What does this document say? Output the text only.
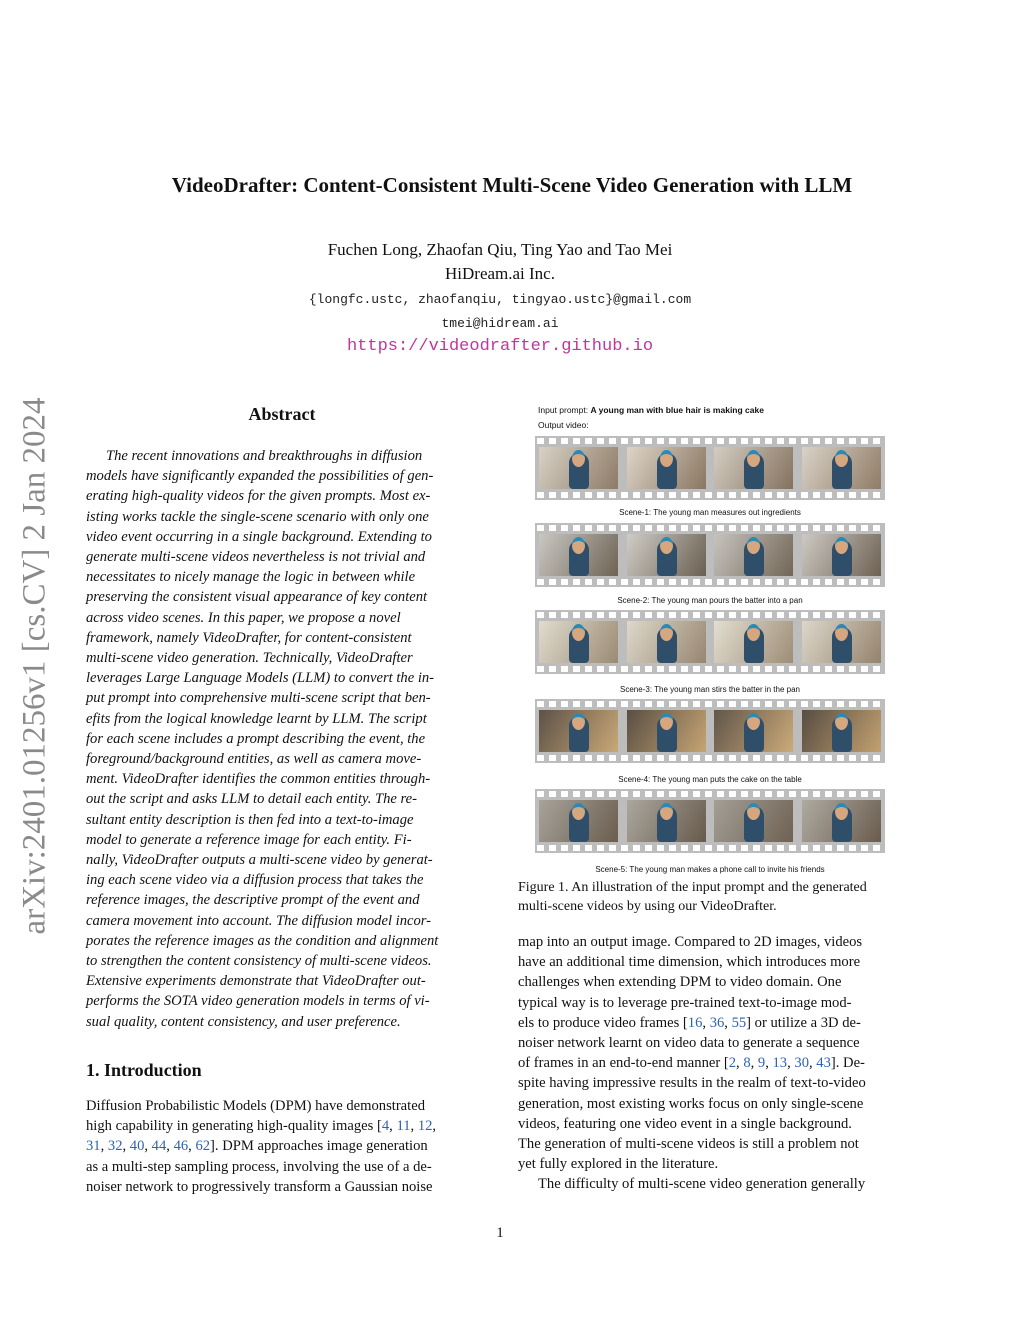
VideoDrafter: Content-Consistent Multi-Scene Video Generation with LLM
Fuchen Long, Zhaofan Qiu, Ting Yao and Tao Mei
HiDream.ai Inc.
{longfc.ustc, zhaofanqiu, tingyao.ustc}@gmail.com
tmei@hidream.ai
https://videodrafter.github.io
arXiv:2401.01256v1 [cs.CV] 2 Jan 2024	Abstract
The recent innovations and breakthroughs in diffusion
models have significantly expanded the possibilities of gen-
erating high-quality videos for the given prompts. Most ex-
isting works tackle the single-scene scenario with only one
video event occurring in a single background. Extending to
generate multi-scene videos nevertheless is not trivial and
necessitates to nicely manage the logic in between while
preserving the consistent visual appearance of key content
across video scenes. In this paper, we propose a novel
framework, namely VideoDrafter, for content-consistent
multi-scene video generation. Technically, VideoDrafter
leverages Large Language Models (LLM) to convert the in-
put prompt into comprehensive multi-scene script that ben-
efits from the logical knowledge learnt by LLM. The script
for each scene includes a prompt describing the event, the
foreground/background entities, as well as camera move-
ment. VideoDrafter identifies the common entities through-
out the script and asks LLM to detail each entity. The re-
sultant entity description is then fed into a text-to-image
model to generate a reference image for each entity. Fi-
nally, VideoDrafter outputs a multi-scene video by generat-
ing each scene video via a diffusion process that takes the
reference images, the descriptive prompt of the event and
camera movement into account. The diffusion model incor-
porates the reference images as the condition and alignment
to strengthen the content consistency of multi-scene videos.
Extensive experiments demonstrate that VideoDrafter out-
performs the SOTA video generation models in terms of vi-
sual quality, content consistency, and user preference.
1. Introduction
Diffusion Probabilistic Models (DPM) have demonstrated
high capability in generating high-quality images [4, 11, 12,
31, 32, 40, 44, 46, 62]. DPM approaches image generation
as a multi-step sampling process, involving the use of a de-
noiser network to progressively transform a Gaussian noise
Input prompt: A young man with blue hair is making cake
Output video:
Scene-1: The young man measures out ingredients
Scene-2: The young man pours the batter into a pan
Scene-3: The young man stirs the batter in the pan
Scene-4: The young man puts the cake on the table
Scene-5: The young man makes a phone call to invite his friends
Figure 1. An illustration of the input prompt and the generated
multi-scene videos by using our VideoDrafter.
map into an output image. Compared to 2D images, videos
have an additional time dimension, which introduces more
challenges when extending DPM to video domain. One
typical way is to leverage pre-trained text-to-image mod-
els to produce video frames [16, 36, 55] or utilize a 3D de-
noiser network learnt on video data to generate a sequence
of frames in an end-to-end manner [2, 8, 9, 13, 30, 43]. De-
spite having impressive results in the realm of text-to-video
generation, most existing works focus on only single-scene
videos, featuring one video event in a single background.
The generation of multi-scene videos is still a problem not
yet fully explored in the literature.
The difficulty of multi-scene video generation generally
1
